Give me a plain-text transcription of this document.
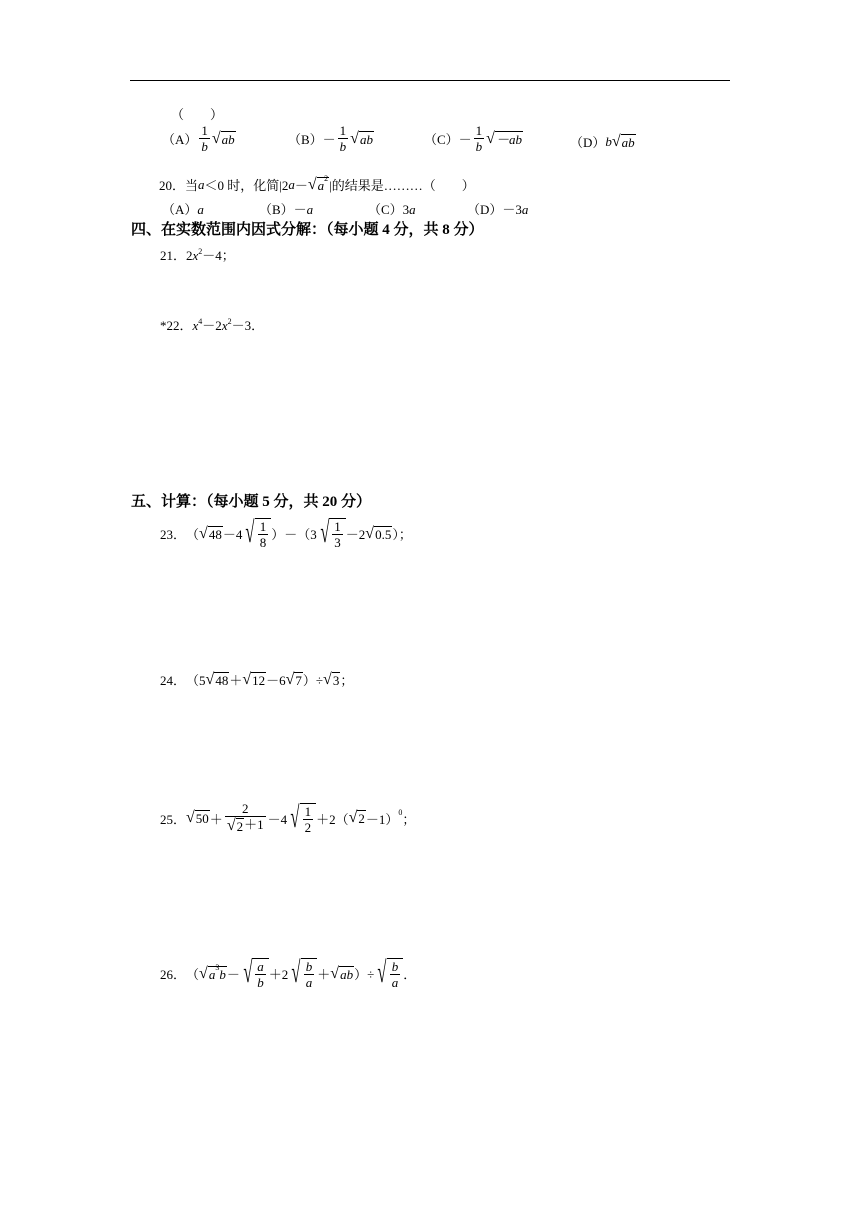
（　　）
$(A) \frac{1}{b}$ √ ab	$(B)- \frac{1}{b}$ √ ab	$(C)- \frac{1}{b}$ √ －ab	（D） b √ ab
20．当 a ＜0 时，化简|2 a － √ a 2 |的结果是………（　　）
（A）a	（B）－a	（C）3a	（D）－3a
四、在实数范围内因式分解：（每小题 4 分，共 8 分）
21．$2x^2-4$；
*22．$x^4-2x^2-3$．
五、计算：（每小题 5 分，共 20 分）
23． （ √ 48 －4 √ $\frac{1}{8} )-(3$ √ $\frac{1}{3} -2$ √ 0.5 ）；
24． （5 √ 48 ＋ √ 12 －6 √ 7 ）÷ √ 3 ；
25． √ $50 + \frac{2}{√ 2 +1} -4$ √ $\frac{1}{2} +2$（ √ 2 －1） 0 ；
26． （ √ a 3 b － √ $\frac{a}{b} +2$ √ $\frac{b}{a}$ ＋ √ ab ）÷ √ $\frac{b}{a}$ ．
